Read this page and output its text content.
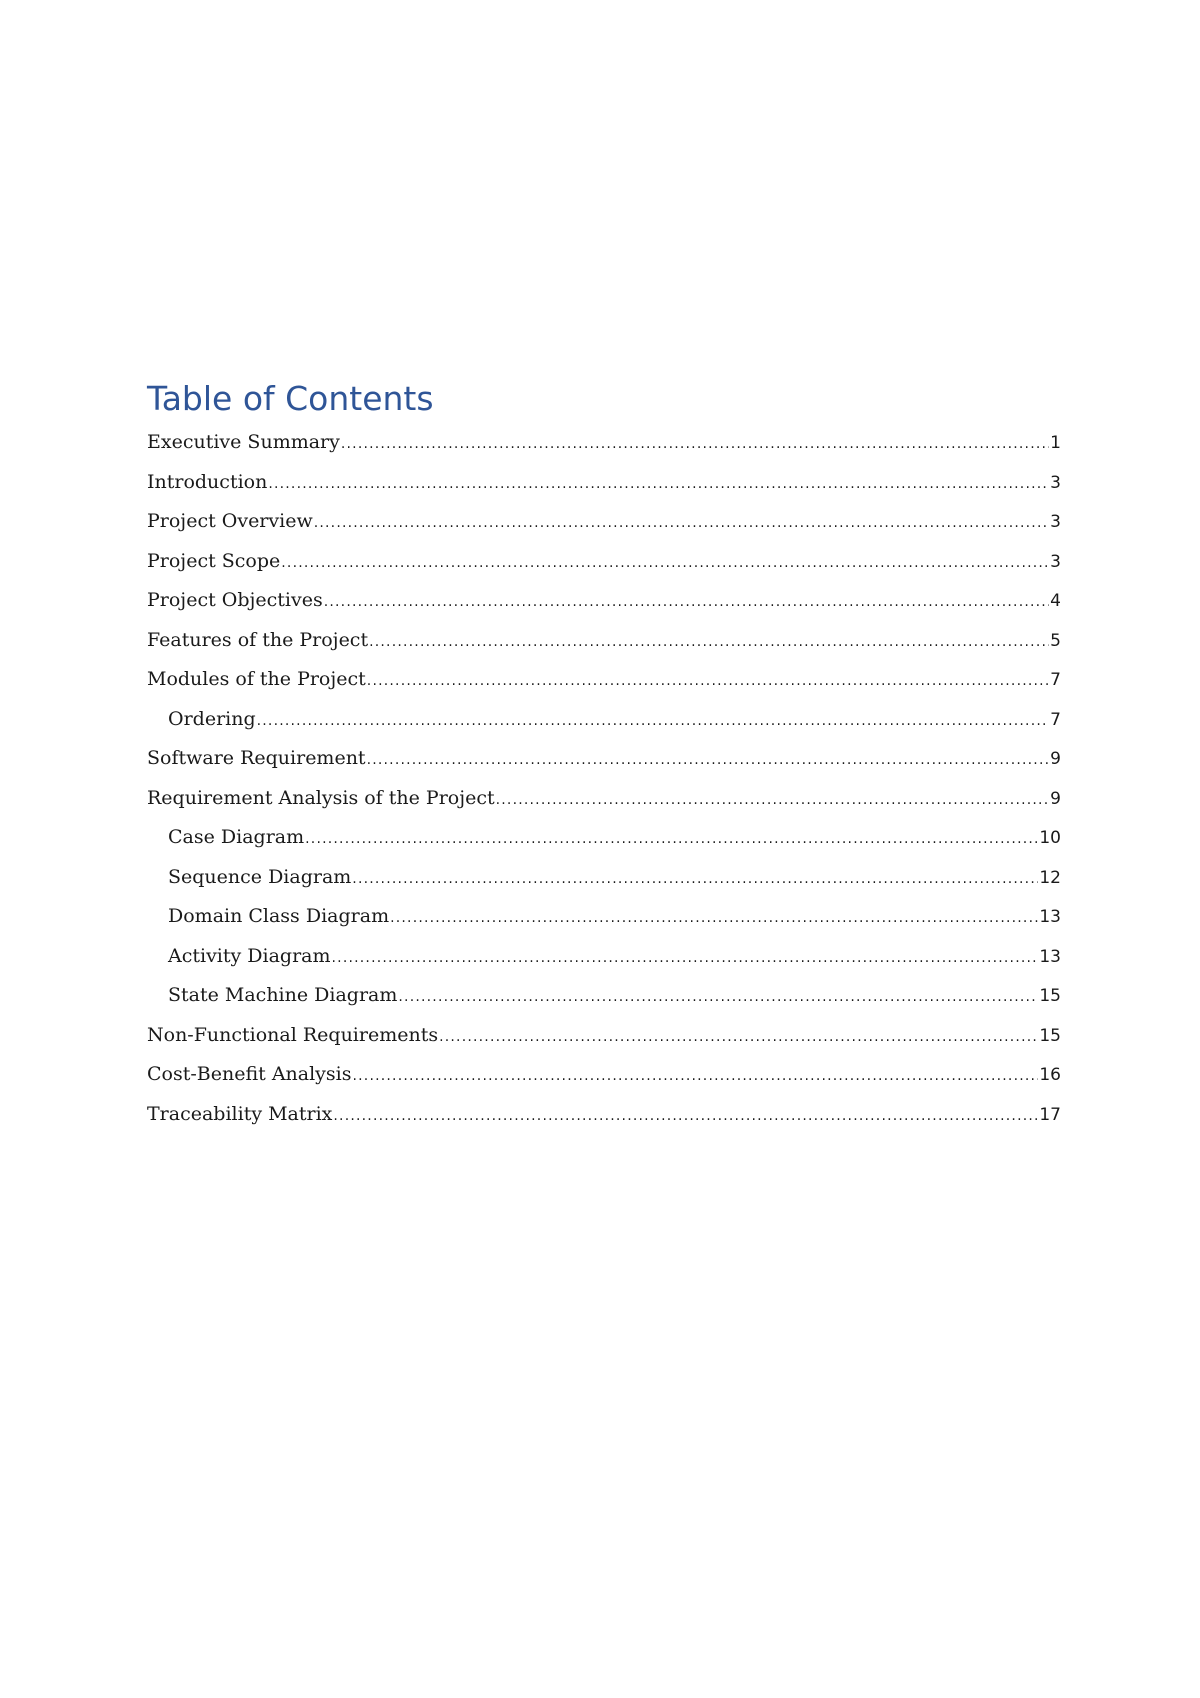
Table of Contents
Executive Summary .....	1
Introduction .....	3
Project Overview .....	3
Project Scope .....	3
Project Objectives .....	4
Features of the Project .....	5
Modules of the Project .....	7
Ordering .....	7
Software Requirement .....	9
Requirement Analysis of the Project .....	9
Case Diagram .....	10
Sequence Diagram .....	12
Domain Class Diagram .....	13
Activity Diagram .....	13
State Machine Diagram .....	15
Non-Functional Requirements .....	15
Cost-Benefit Analysis .....	16
Traceability Matrix .....	17
